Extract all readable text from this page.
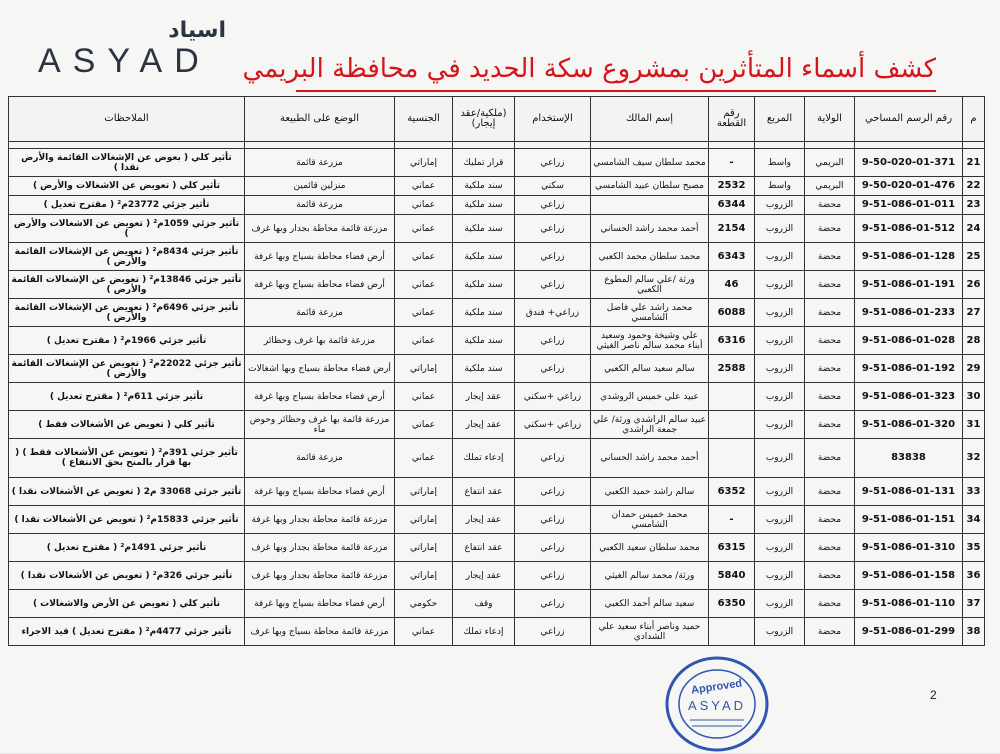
اسياد
ASYAD كشف أسماء المتأثرين بمشروع سكة الحديد في محافظة البريمي
م	رقم الرسم المساحي	الولاية	المربع	رقم القطعة	إسم المالك	الإستخدام	(ملكية/عقد إيجار)	الجنسية	الوضع على الطبيعة	الملاحظات

21	9-50-020-01-371	البريمي	واسط	-	محمد سلطان سيف الشامسي	زراعي	قرار تمليك	إماراتي	مزرعة قائمة	تأثير كلي ( بعوض عن الإشغالات القائمة والأرض نقدا )
22	9-50-020-01-476	البريمي	واسط	2532	مصبح سلطان عبيد الشامسي	سكني	سند ملكية	عماني	منزلين قائمين	تأثير كلي ( تعويض عن الاشغالات والأرض )
23	9-51-086-01-011	محضة	الزروب	6344		زراعي	سند ملكية	عماني	مزرعة قائمة	تأثير جزئي 23772م² ( مقترح تعديل )
24	9-51-086-01-512	محضة	الزروب	2154	أحمد محمد راشد الحساني	زراعي	سند ملكية	عماني	مزرعة قائمة محاطة بجدار وبها غرف	تأثير جزئي 1059م² ( تعويض عن الاشغالات والأرض )
25	9-51-086-01-128	محضة	الزروب	6343	محمد سلطان محمد الكعبي	زراعي	سند ملكية	عماني	أرض فضاء محاطة بسياج وبها غرفة	تأثير جزئي 8434م² ( تعويض عن الإشغالات القائمة والأرض )
26	9-51-086-01-191	محضة	الزروب	46	ورثة /علي سالم المطوع الكعبي	زراعي	سند ملكية	عماني	أرض فضاء محاطة بسياج وبها غرفة	تأثير جزئي 13846م² ( تعويض عن الإشغالات القائمة والأرض )
27	9-51-086-01-233	محضة	الزروب	6088	محمد راشد علي فاضل الشامسي	زراعي+ فندق	سند ملكية	عماني	مزرعة قائمة	تأثير جزئي 6496م² ( تعويض عن الإشغالات القائمة والأرض )
28	9-51-086-01-028	محضة	الزروب	6316	علي وشيخة وحمود وسعيد أبناء محمد سالم ناصر الغيثي	زراعي	سند ملكية	عماني	مزرعة قائمة بها غرف وحظائر	تأثير جزئي 1966م² ( مقترح تعديل )
29	9-51-086-01-192	محضة	الزروب	2588	سالم سعيد سالم الكعبي	زراعي	سند ملكية	إماراتي	أرض فضاء محاطة بسياج وبها اشغالات	تأثير جزئي 22022م² ( تعويض عن الإشغالات القائمة والأرض )
30	9-51-086-01-323	محضة	الزروب		عبيد علي خميس الروشدي	زراعي +سكني	عقد إيجار	عماني	أرض فضاء محاطة بسياج وبها غرفة	تأثير جزئي 611م² ( مقترح تعديل )
31	9-51-086-01-320	محضة	الزروب		عبيد سالم الراشدي ورثة/ علي جمعة الراشدي	زراعي +سكني	عقد إيجار	عماني	مزرعة قائمة بها غرف وحظائر وحوض ماء	تأثير كلي ( تعويض عن الأشغالات فقط )
32	83838	محضة	الزروب		أحمد محمد راشد الحساني	زراعي	إدعاء تملك	عماني	مزرعة قائمة	تأثير جزئي 391م² ( تعويض عن الأشغالات فقط ) ( بها قرار بالمنح بحق الانتفاع )
33	9-51-086-01-131	محضة	الزروب	6352	سالم راشد حميد الكعبي	زراعي	عقد انتفاع	إماراتي	أرض فضاء محاطة بسياج وبها غرفة	تأثير جزئي 33068 م2 ( تعويض عن الأشغالات نقدا )
34	9-51-086-01-151	محضة	الزروب	-	محمد خميس حمدان الشامسي	زراعي	عقد إيجار	إماراتي	مزرعة قائمة محاطة بجدار وبها غرفة	تأثير جزئي 15833م² ( تعويض عن الأشغالات نقدا )
35	9-51-086-01-310	محضة	الزروب	6315	محمد سلطان سعيد الكعبي	زراعي	عقد انتفاع	إماراتي	مزرعة قائمة محاطة بجدار وبها غرف	تأثير جزئي 1491م² ( مقترح تعديل )
36	9-51-086-01-158	محضة	الزروب	5840	ورثة/ محمد سالم الغيثي	زراعي	عقد إيجار	إماراتي	مزرعة قائمة محاطة بجدار وبها غرف	تأثير جزئي 326م² ( تعويض عن الأشغالات نقدا )
37	9-51-086-01-110	محضة	الزروب	6350	سعيد سالم أحمد الكعبي	زراعي	وقف	حكومي	أرض فضاء محاطة بسياج وبها غرفة	تأثير كلي ( تعويض عن الأرض والاشغالات )
38	9-51-086-01-299	محضة	الزروب		حميد وناصر أبناء سعيد علي الشدادي	زراعي	إدعاء تملك	عماني	مزرعة قائمة محاطة بسياج وبها غرف	تأثير جزئي 4477م² ( مقترح تعديل ) قيد الاجراء
Approved
ASYAD
2
